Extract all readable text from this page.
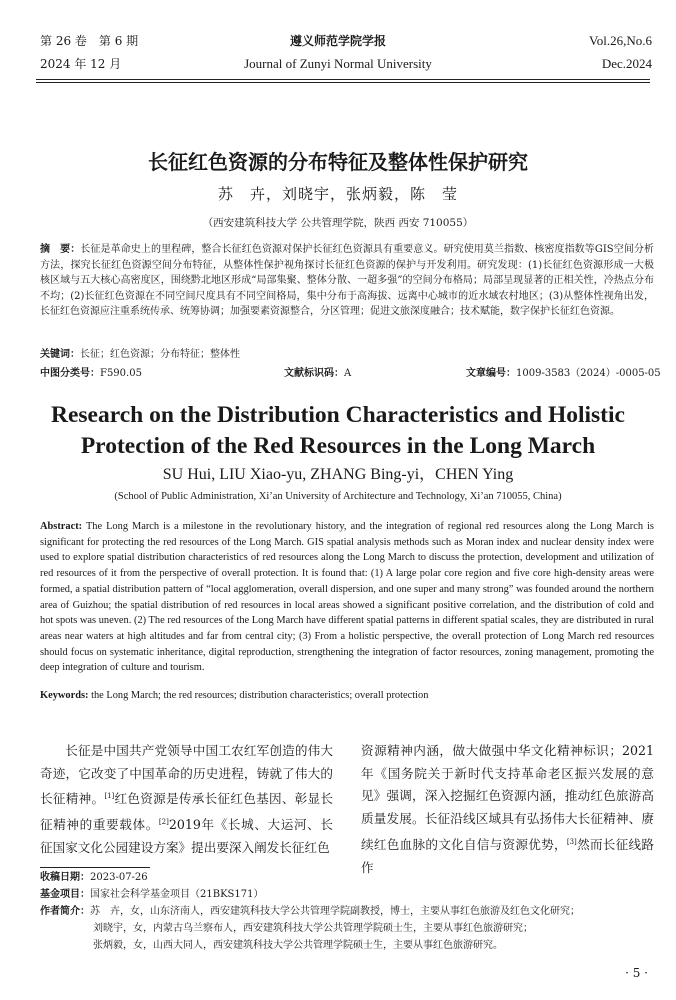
第 26 卷　第 6 期
2024 年 12 月
遵义师范学院学报
Journal of Zunyi Normal University
Vol.26,No.6
Dec.2024
长征红色资源的分布特征及整体性保护研究
苏　卉，刘晓宇，张炳毅，陈　莹
（西安建筑科技大学 公共管理学院，陕西 西安 710055）
摘　要：长征是革命史上的里程碑，整合长征红色资源对保护长征红色资源具有重要意义。研究使用莫兰指数、核密度指数等GIS空间分析方法，探究长征红色资源空间分布特征，从整体性保护视角探讨长征红色资源的保护与开发利用。研究发现：(1)长征红色资源形成一大极核区域与五大核心高密度区，围绕黔北地区形成“局部集聚、整体分散、一超多强”的空间分布格局；局部呈现显著的正相关性，冷热点分布不均；(2)长征红色资源在不同空间尺度具有不同空间格局，集中分布于高海拔、远离中心城市的近水域农村地区；(3)从整体性视角出发，长征红色资源应注重系统传承、统筹协调；加强要素资源整合，分区管理；促进文旅深度融合；技术赋能，数字保护长征红色资源。
关键词：长征；红色资源；分布特征；整体性
中图分类号：F590.05	文献标识码：A	文章编号：1009-3583（2024）-0005-05
Research on the Distribution Characteristics and Holistic Protection of the Red Resources in the Long March
SU Hui, LIU Xiao-yu, ZHANG Bing-yi，CHEN Ying
(School of Public Administration, Xi’an University of Architecture and Technology, Xi’an 710055, China)
Abstract: The Long March is a milestone in the revolutionary history, and the integration of regional red resources along the Long March is significant for protecting the red resources of the Long March. GIS spatial analysis methods such as Moran index and nuclear density index were used to explore spatial distribution characteristics of red resources along the Long March to discuss the protection, development and utilization of red resources of it from the perspective of overall protection. It is found that: (1) A large polar core region and five core high-density areas were formed, a spatial distribution pattern of “local agglomeration, overall dispersion, and one super and many strong” was founded around the northern area of Guizhou; the spatial distribution of red resources in local areas showed a significant positive correlation, and the distribution of cold and hot spots was uneven. (2) The red resources of the Long March have different spatial patterns in different spatial scales, they are distributed in rural areas near waters at high altitudes and far from central city; (3) From a holistic perspective, the overall protection of Long March red resources should focus on systematic inheritance, digital reproduction, strengthening the integration of factor resources, zoning management, promoting the deep integration of culture and tourism.
Keywords: the Long March; the red resources; distribution characteristics; overall protection
长征是中国共产党领导中国工农红军创造的伟大奇迹，它改变了中国革命的历史进程，铸就了伟大的长征精神。[1]红色资源是传承长征红色基因、彰显长征精神的重要载体。[2]2019年《长城、大运河、长征国家文化公园建设方案》提出要深入阐发长征红色
资源精神内涵，做大做强中华文化精神标识；2021年《国务院关于新时代支持革命老区振兴发展的意见》强调，深入挖掘红色资源内涵，推动红色旅游高质量发展。长征沿线区域具有弘扬伟大长征精神、赓续红色血脉的文化自信与资源优势，[3]然而长征线路作
收稿日期：2023-07-26
基金项目：国家社会科学基金项目（21BKS171）
作者简介：苏　卉，女，山东济南人，西安建筑科技大学公共管理学院副教授，博士，主要从事红色旅游及红色文化研究；
刘晓宇，女，内蒙古乌兰察布人，西安建筑科技大学公共管理学院硕士生，主要从事红色旅游研究；
张炳毅，女，山西大同人，西安建筑科技大学公共管理学院硕士生，主要从事红色旅游研究。
· 5 ·
